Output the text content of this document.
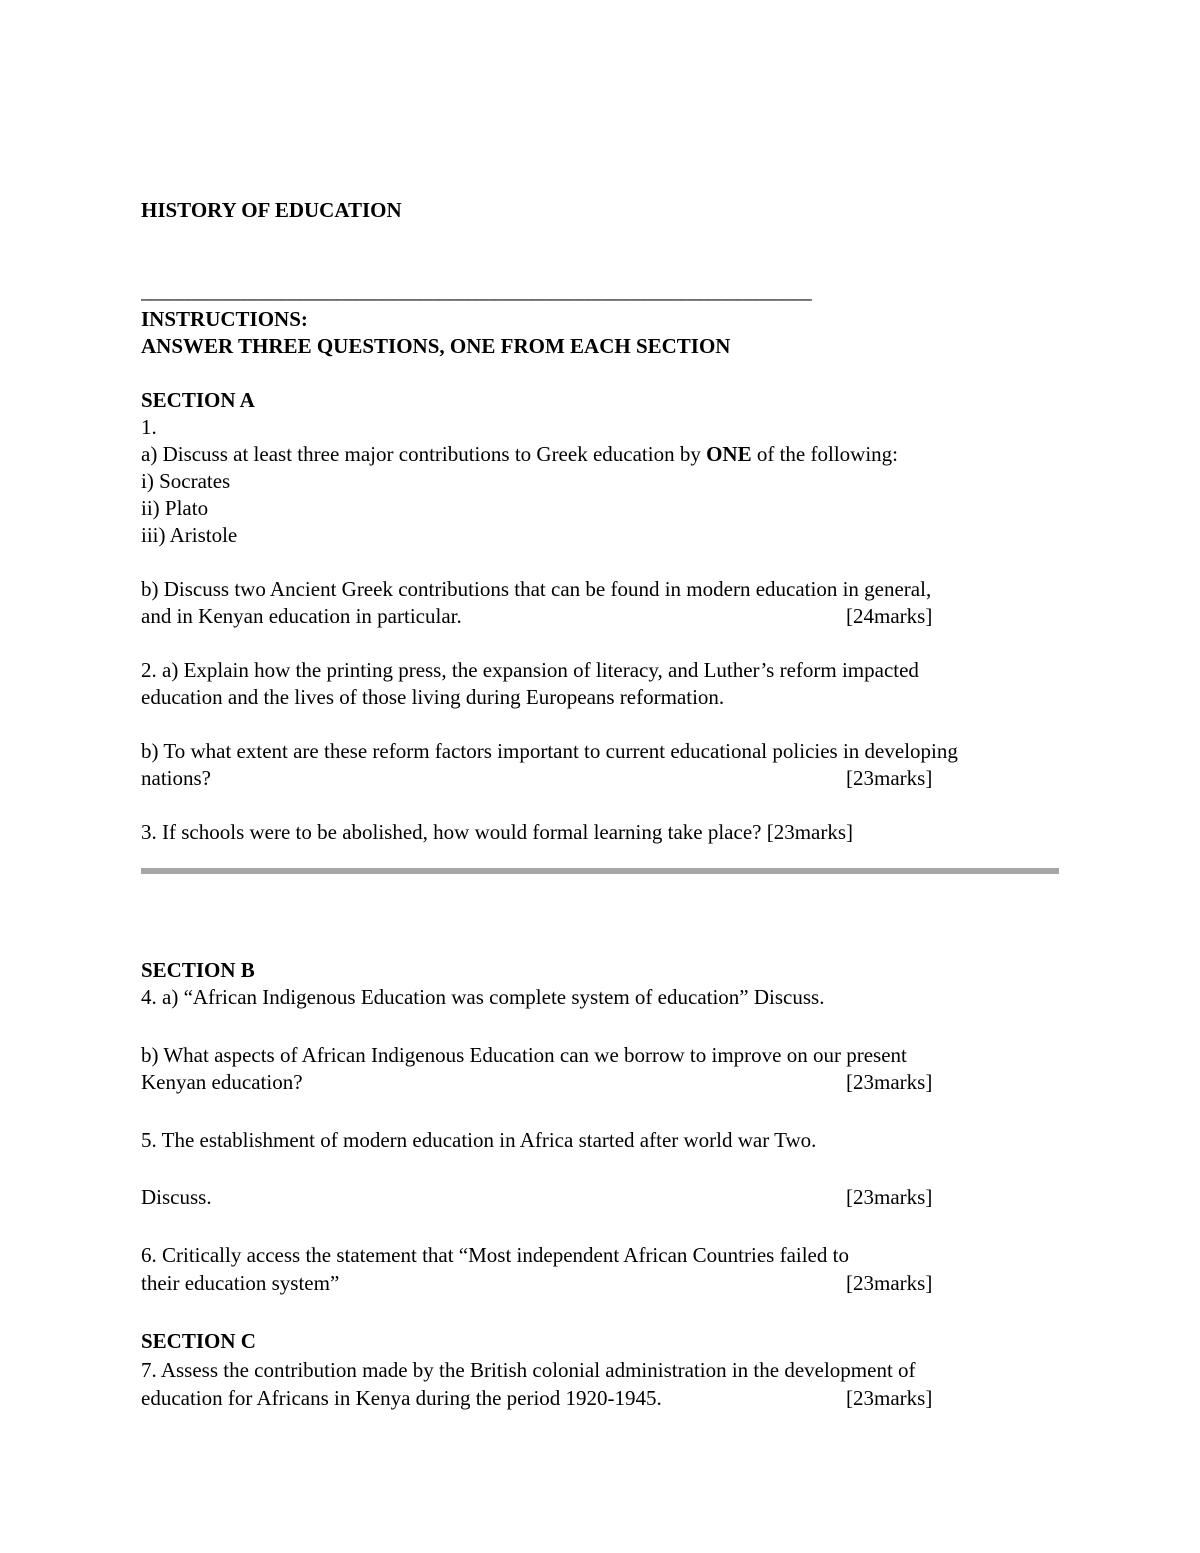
HISTORY OF EDUCATION
________________________________________________________________________
INSTRUCTIONS:
ANSWER THREE QUESTIONS, ONE FROM EACH SECTION
SECTION A
1.
a) Discuss at least three major contributions to Greek education by ONE of the following:
i) Socrates
ii) Plato
iii) Aristole
b) Discuss two Ancient Greek contributions that can be found in modern education in general,
and in Kenyan education in particular.	[24marks]
2. a) Explain how the printing press, the expansion of literacy, and Luther’s reform impacted
education and the lives of those living during Europeans reformation.
b) To what extent are these reform factors important to current educational policies in developing
nations?	[23marks]
3. If schools were to be abolished, how would formal learning take place? [23marks]
SECTION B
4. a) “African Indigenous Education was complete system of education” Discuss.
b) What aspects of African Indigenous Education can we borrow to improve on our present
Kenyan education?	[23marks]
5. The establishment of modern education in Africa started after world war Two.
Discuss.	[23marks]
6. Critically access the statement that “Most independent African Countries failed to
their education system”	[23marks]
SECTION C
7. Assess the contribution made by the British colonial administration in the development of
education for Africans in Kenya during the period 1920-1945.	[23marks]
